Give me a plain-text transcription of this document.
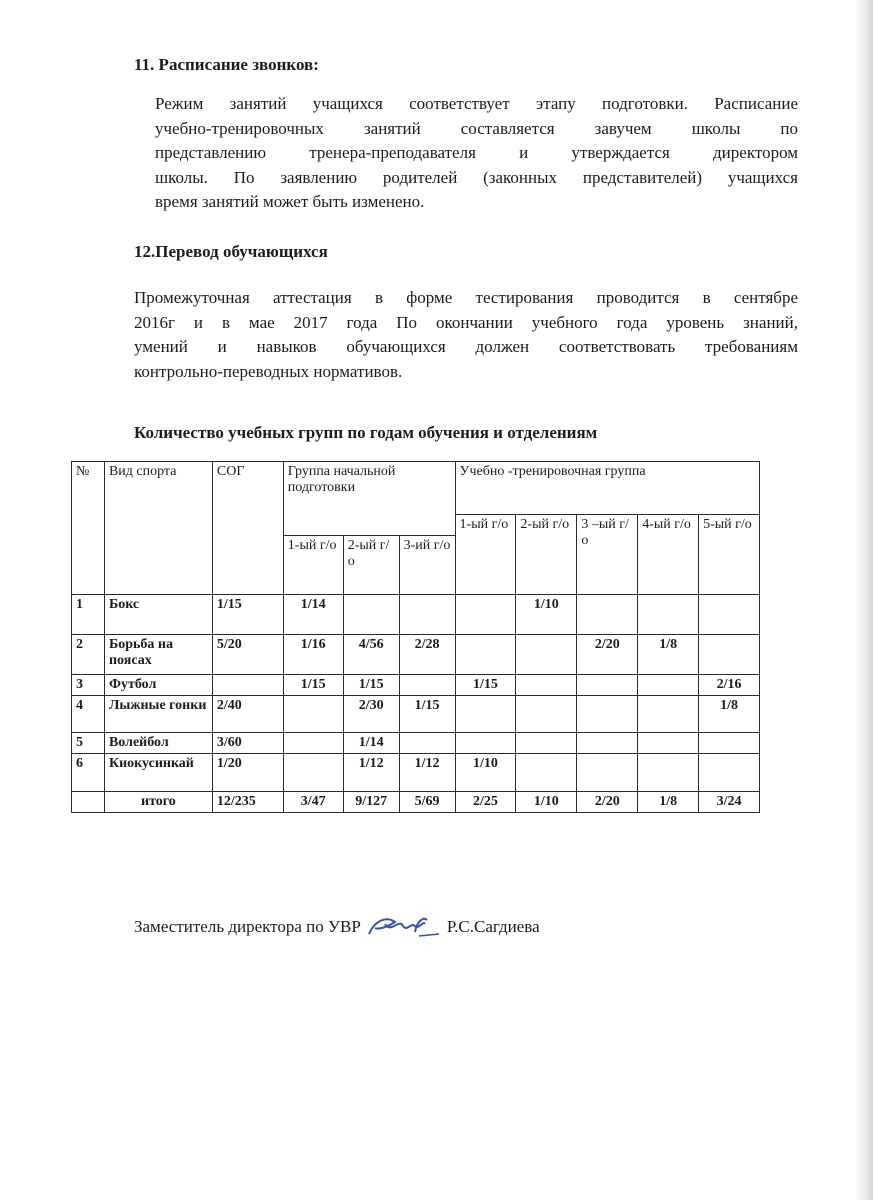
11. Расписание звонков:
Режим занятий учащихся соответствует этапу подготовки. Расписание
учебно-тренировочных занятий составляется завучем школы по
представлению тренера-преподавателя и утверждается директором
школы. По заявлению родителей (законных представителей) учащихся
время занятий может быть изменено.
12.Перевод обучающихся
Промежуточная аттестация в форме тестирования проводится в сентябре
2016г и в мае 2017 года По окончании учебного года уровень знаний,
умений и навыков обучающихся должен соответствовать требованиям
контрольно-переводных нормативов.
Количество учебных групп по годам обучения и отделениям
№	Вид спорта	СОГ	Группа начальной подготовки			Учебно -тренировочная группа				
						1-ый г/о	2-ый г/о	3 –ый г/о	4-ый г/о	5-ый г/о
			1-ый г/о	2-ый г/о	3-ий г/о					
1	Бокс	1/15	1/14				1/10			
2	Борьба на поясах	5/20	1/16	4/56	2/28			2/20	1/8	
3	Футбол		1/15	1/15		1/15				2/16
4	Лыжные гонки	2/40		2/30	1/15					1/8
5	Волейбол	3/60		1/14						
6	Киокусинкай	1/20		1/12	1/12	1/10				
	итого	12/235	3/47	9/127	5/69	2/25	1/10	2/20	1/8	3/24
Заместитель директора по УВР	Р.С.Сагдиева
